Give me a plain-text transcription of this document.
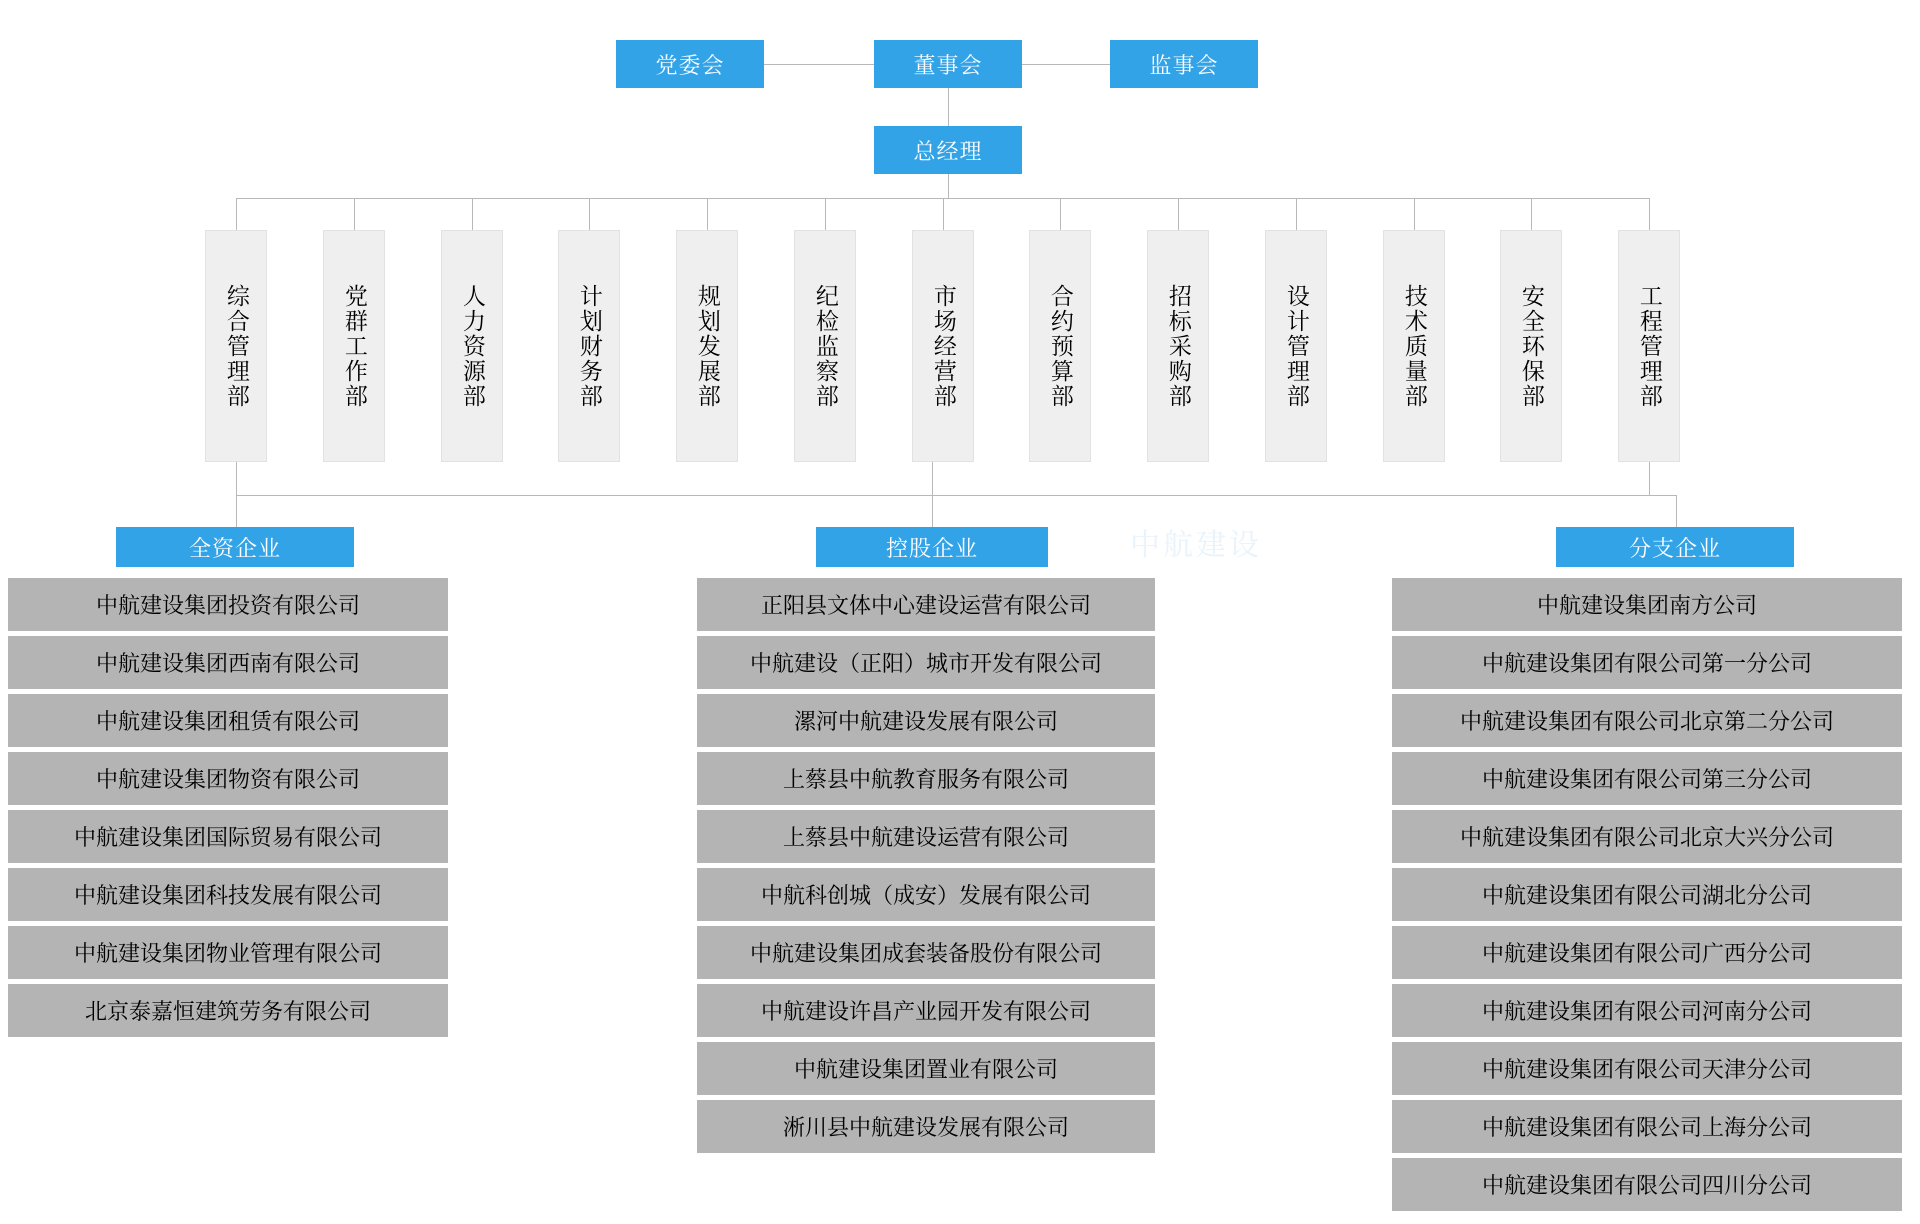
党委会	董事会	监事会
总经理
综合管理部	党群工作部	人力资源部	计划财务部	规划发展部	纪检监察部	市场经营部	合约预算部	招标采购部	设计管理部	技术质量部	安全环保部	工程管理部
中航建设
全资企业
中航建设集团投资有限公司
中航建设集团西南有限公司
中航建设集团租赁有限公司
中航建设集团物资有限公司
中航建设集团国际贸易有限公司
中航建设集团科技发展有限公司
中航建设集团物业管理有限公司
北京泰嘉恒建筑劳务有限公司
控股企业
正阳县文体中心建设运营有限公司
中航建设（正阳）城市开发有限公司
漯河中航建设发展有限公司
上蔡县中航教育服务有限公司
上蔡县中航建设运营有限公司
中航科创城（成安）发展有限公司
中航建设集团成套装备股份有限公司
中航建设许昌产业园开发有限公司
中航建设集团置业有限公司
淅川县中航建设发展有限公司
分支企业
中航建设集团南方公司
中航建设集团有限公司第一分公司
中航建设集团有限公司北京第二分公司
中航建设集团有限公司第三分公司
中航建设集团有限公司北京大兴分公司
中航建设集团有限公司湖北分公司
中航建设集团有限公司广西分公司
中航建设集团有限公司河南分公司
中航建设集团有限公司天津分公司
中航建设集团有限公司上海分公司
中航建设集团有限公司四川分公司
